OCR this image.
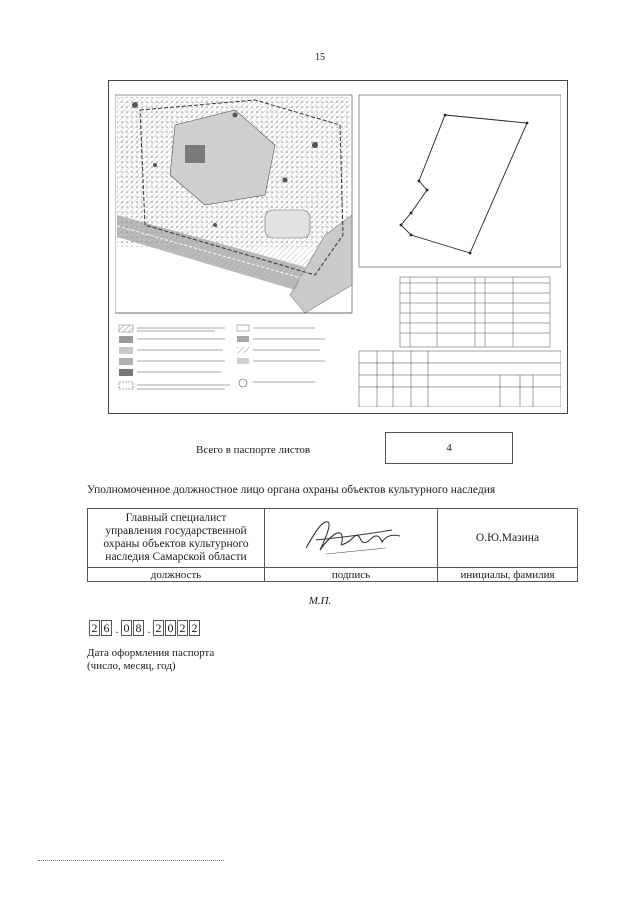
15
Всего в паспорте листов	4
Уполномоченное должностное лицо органа охраны объектов культурного наследия
Главный специалист
управления государственной
охраны объектов культурного
наследия Самарской области		О.Ю.Мазина
должность	подпись	инициалы, фамилия
М.П.
2 6 . 0 8 . 2 0 2 2
Дата оформления паспорта
(число, месяц, год)
